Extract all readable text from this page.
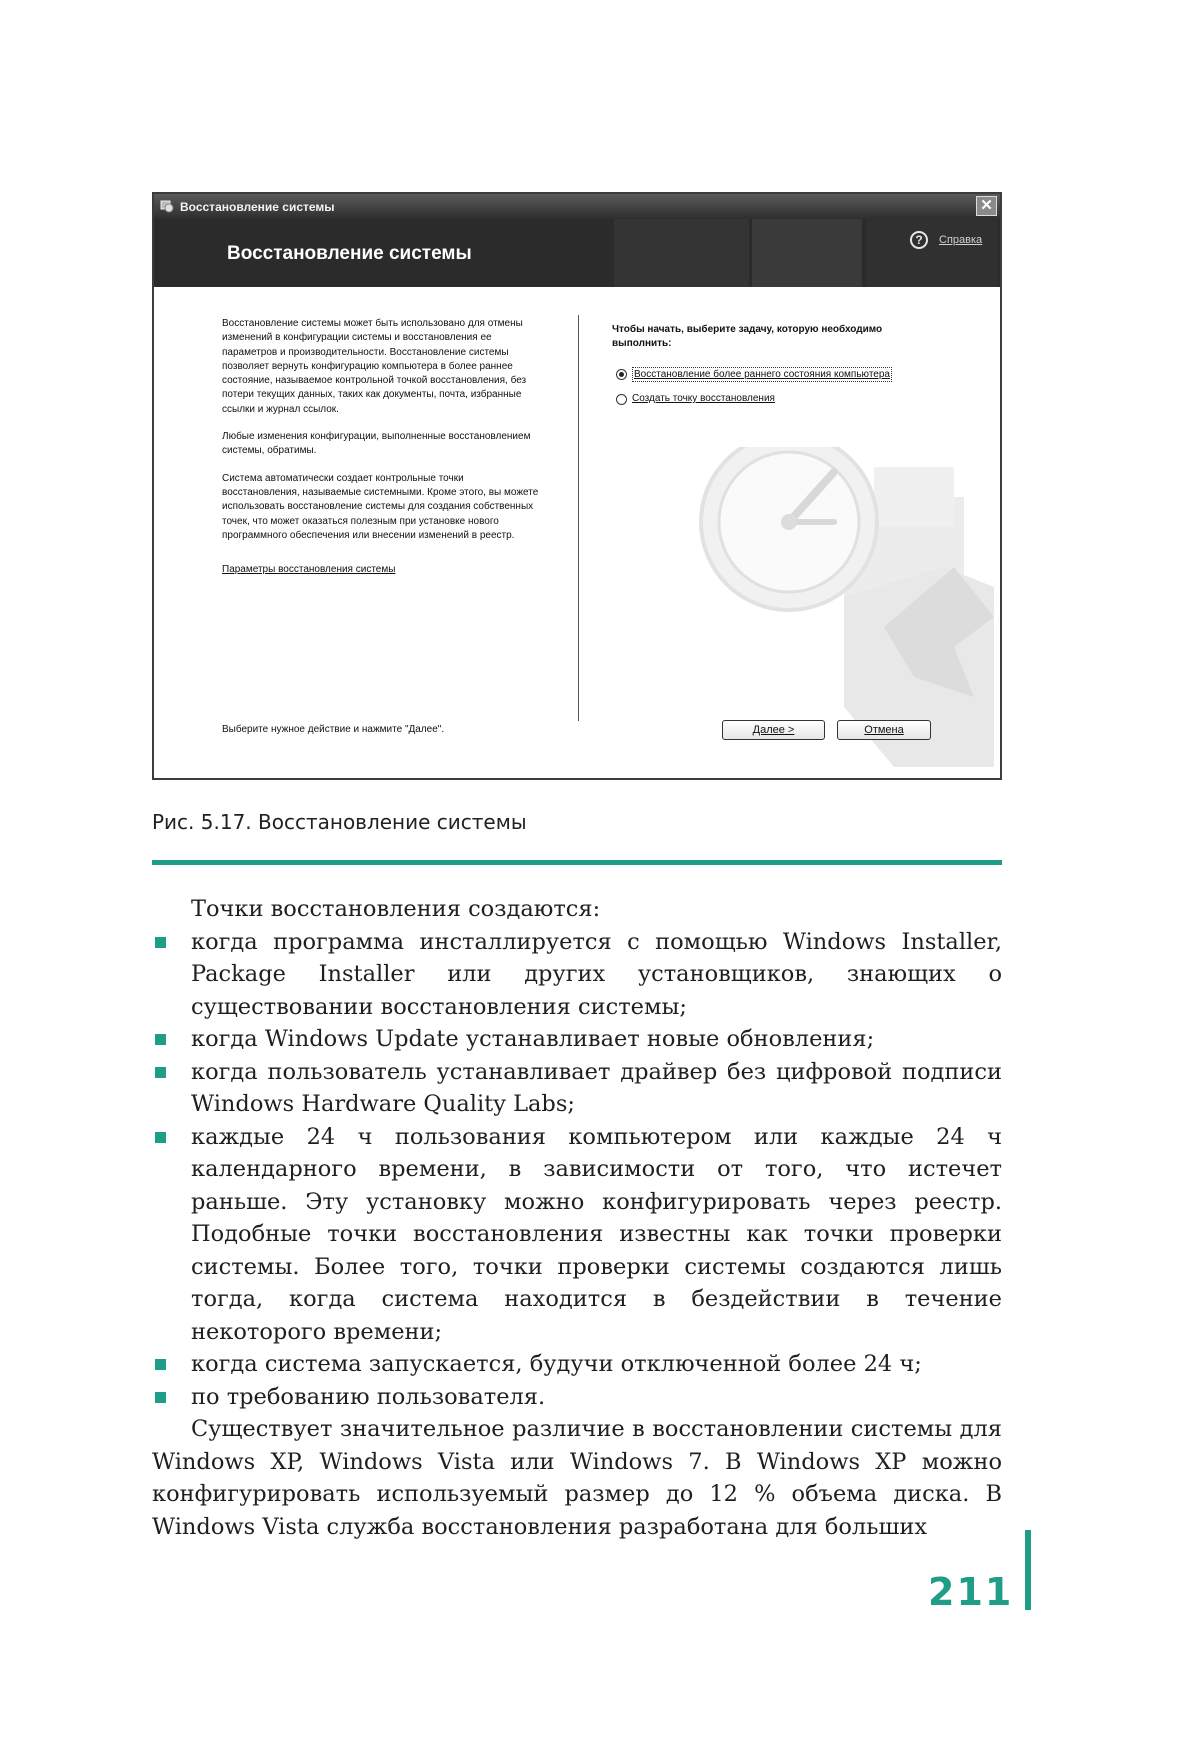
Восстановление системы	✕
Восстановление системы
?	Справка

Восстановление системы может быть использовано для отмены изменений в конфигурации системы и восстановления ее параметров и производительности. Восстановление системы позволяет вернуть конфигурацию компьютера в более раннее состояние, называемое контрольной точкой восстановления, без потери текущих данных, таких как документы, почта, избранные ссылки и журнал ссылок.

Любые изменения конфигурации, выполненные восстановлением системы, обратимы.

Система автоматически создает контрольные точки восстановления, называемые системными. Кроме этого, вы можете использовать восстановление системы для создания собственных точек, что может оказаться полезным при установке нового программного обеспечения или внесении изменений в реестр.

Параметры восстановления системы

Чтобы начать, выберите задачу, которую необходимо выполнить:
Восстановление более раннего состояния компьютера
Создать точку восстановления
Выберите нужное действие и нажмите "Далее".	Далее >	Отмена
Рис. 5.17. Восстановление системы

Точки восстановления создаются:

когда программа инсталлируется с помощью Windows Installer, Package Installer или других установщиков, знающих о существовании восстановления системы;
когда Windows Update устанавливает новые обновления;
когда пользователь устанавливает драйвер без цифровой подписи Windows Hardware Quality Labs;
каждые 24 ч пользования компьютером или каждые 24 ч календарного времени, в зависимости от того, что истечет раньше. Эту установку можно конфигурировать через реестр. Подобные точки восстановления известны как точки проверки системы. Более того, точки проверки системы создаются лишь тогда, когда система находится в бездействии в течение некоторого времени;
когда система запускается, будучи отключенной более 24 ч;
по требованию пользователя.

Существует значительное различие в восстановлении системы для Windows XP, Windows Vista или Windows 7. В Windows XP можно конфигурировать используемый размер до 12 % объема диска. В Windows Vista служба восстановления разработана для больших

211
